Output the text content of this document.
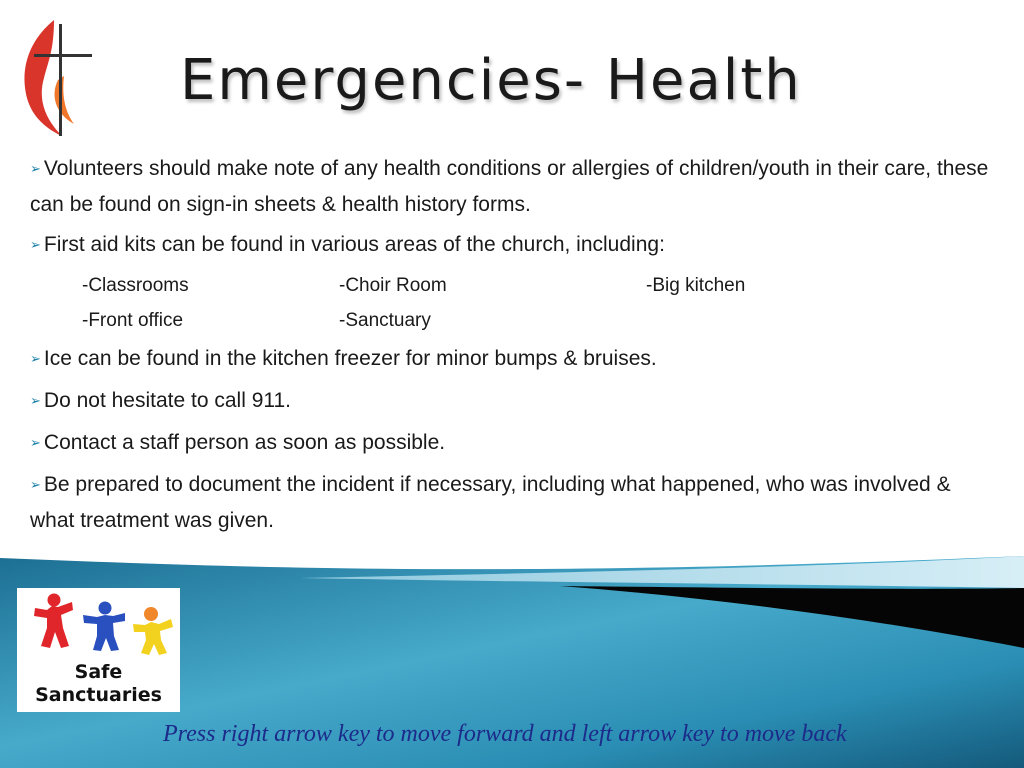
Emergencies- Health
➢ Volunteers should make note of any health conditions or allergies of children/youth in their care, these can be found on sign-in sheets & health history forms.
➢ First aid kits can be found in various areas of the church, including:
-Classrooms	-Choir Room	-Big kitchen
-Front office	-Sanctuary
➢ Ice can be found in the kitchen freezer for minor bumps & bruises.
➢ Do not hesitate to call 911.
➢ Contact a staff person as soon as possible.
➢ Be prepared to document the incident if necessary, including what happened, who was involved & what treatment was given.
Safe
Sanctuaries
Press right arrow key to move forward and left arrow key to move back
